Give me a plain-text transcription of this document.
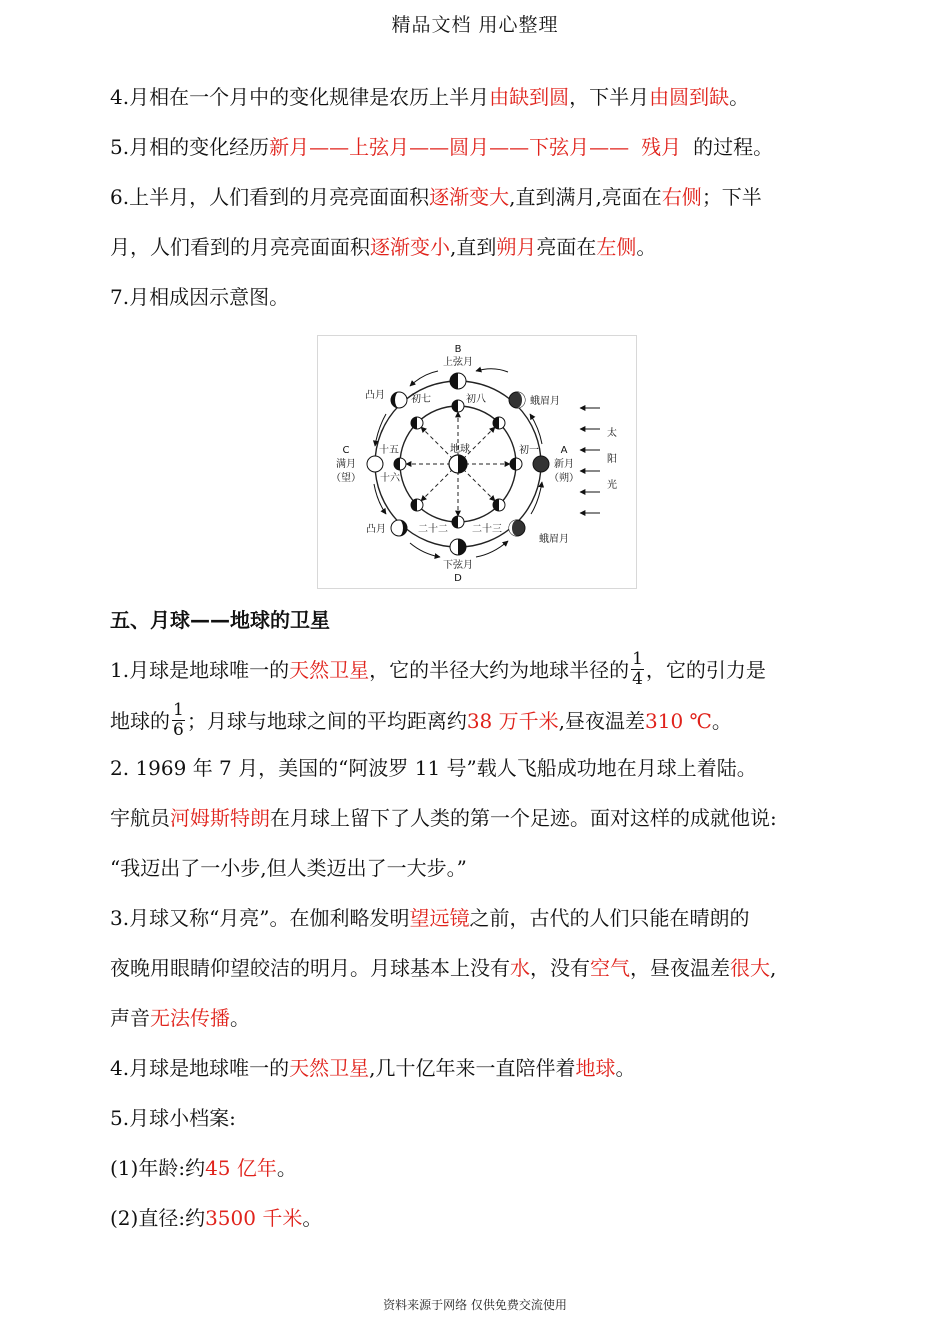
精品文档 用心整理
4.月相在一个月中的变化规律是农历上半月由缺到圆，下半月由圆到缺。
5.月相的变化经历新月——上弦月——圆月——下弦月—— 残月 的过程。
6.上半月，人们看到的月亮亮面面积逐渐变大,直到满月,亮面在右侧；下半
月，人们看到的月亮亮面面积逐渐变小,直到朔月亮面在左侧。
7.月相成因示意图。
B
上弦月
凸月
蛾眉月
初七	初八
十五	地球	初一
C
满月
（望） 十六
A
新月
（朔）
凸月	二十二 二十三
蛾眉月
下弦月
D
太
阳
光
五、月球——地球的卫星
1.月球是地球唯一的天然卫星，它的半径大约为地球半径的 $\frac{1}{4}$ ，它的引力是
地球的 $\frac{1}{6}$ ；月球与地球之间的平均距离约38 万千米,昼夜温差310 ℃。
2. 1969 年 7 月，美国的“阿波罗 11 号”载人飞船成功地在月球上着陆。
宇航员河姆斯特朗在月球上留下了人类的第一个足迹。面对这样的成就他说:
“我迈出了一小步,但人类迈出了一大步。”
3.月球又称“月亮”。在伽利略发明望远镜之前，古代的人们只能在晴朗的
夜晚用眼睛仰望皎洁的明月。月球基本上没有水，没有空气，昼夜温差很大,
声音无法传播。
4.月球是地球唯一的天然卫星,几十亿年来一直陪伴着地球。
5.月球小档案:
(1)年龄:约45 亿年。
(2)直径:约3500 千米。
资料来源于网络 仅供免费交流使用
